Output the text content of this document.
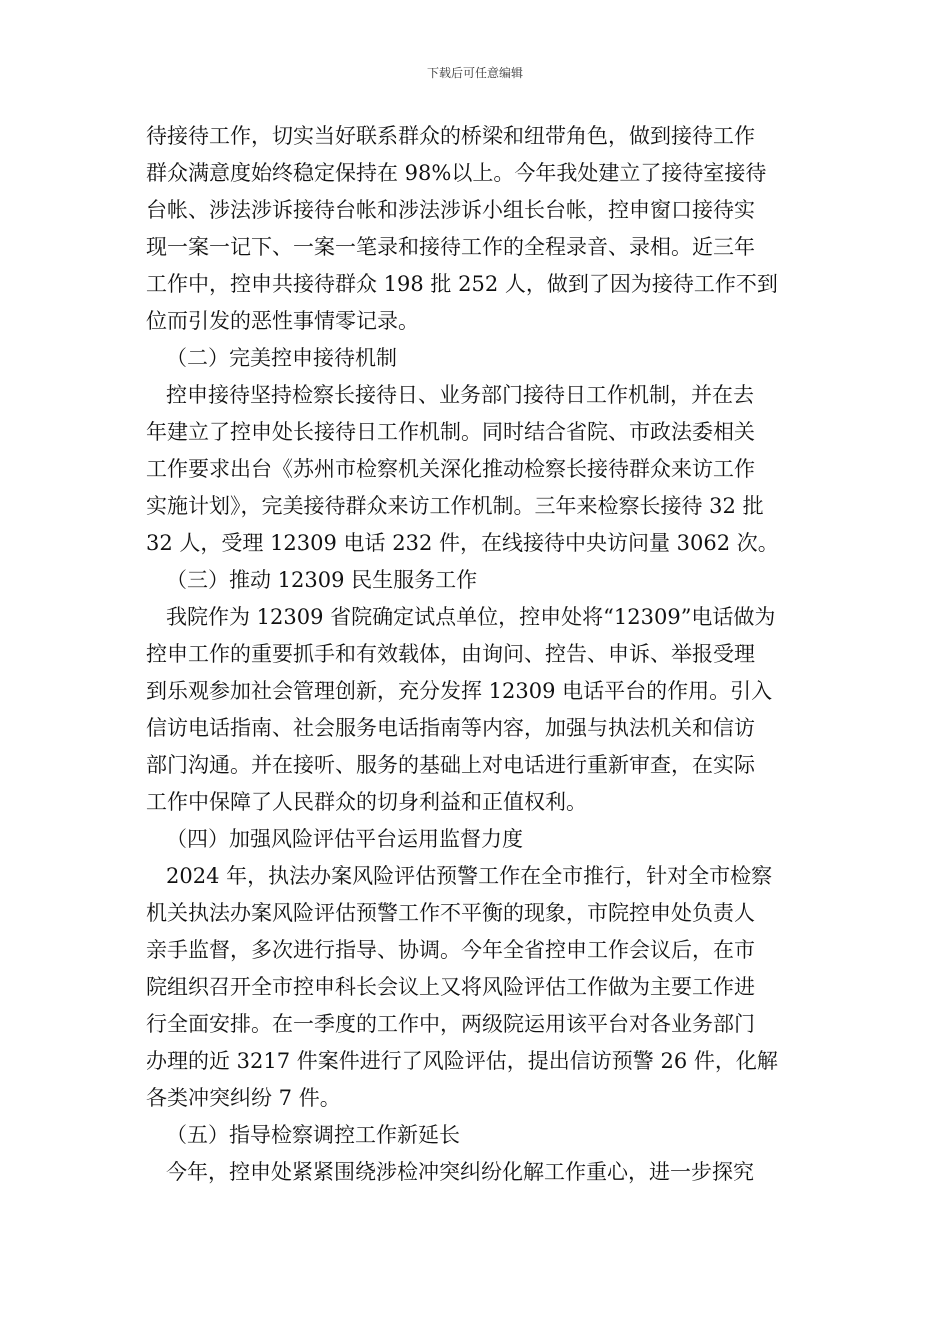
下载后可任意编辑
待接待工作，切实当好联系群众的桥梁和纽带角色，做到接待工作
群众满意度始终稳定保持在 98%以上。今年我处建立了接待室接待
台帐、涉法涉诉接待台帐和涉法涉诉小组长台帐，控申窗口接待实
现一案一记下、一案一笔录和接待工作的全程录音、录相。近三年
工作中，控申共接待群众 198 批 252 人，做到了因为接待工作不到
位而引发的恶性事情零记录。
（二）完美控申接待机制
控申接待坚持检察长接待日、业务部门接待日工作机制，并在去
年建立了控申处长接待日工作机制。同时结合省院、市政法委相关
工作要求出台《苏州市检察机关深化推动检察长接待群众来访工作
实施计划》，完美接待群众来访工作机制。三年来检察长接待 32 批
32 人，受理 12309 电话 232 件，在线接待中央访问量 3062 次。
（三）推动 12309 民生服务工作
我院作为 12309 省院确定试点单位，控申处将“12309”电话做为
控申工作的重要抓手和有效载体，由询问、控告、申诉、举报受理
到乐观参加社会管理创新，充分发挥 12309 电话平台的作用。引入
信访电话指南、社会服务电话指南等内容，加强与执法机关和信访
部门沟通。并在接听、服务的基础上对电话进行重新审查，在实际
工作中保障了人民群众的切身利益和正值权利。
（四）加强风险评估平台运用监督力度
2024 年，执法办案风险评估预警工作在全市推行，针对全市检察
机关执法办案风险评估预警工作不平衡的现象，市院控申处负责人
亲手监督，多次进行指导、协调。今年全省控申工作会议后，在市
院组织召开全市控申科长会议上又将风险评估工作做为主要工作进
行全面安排。在一季度的工作中，两级院运用该平台对各业务部门
办理的近 3217 件案件进行了风险评估，提出信访预警 26 件，化解
各类冲突纠纷 7 件。
（五）指导检察调控工作新延长
今年，控申处紧紧围绕涉检冲突纠纷化解工作重心，进一步探究
